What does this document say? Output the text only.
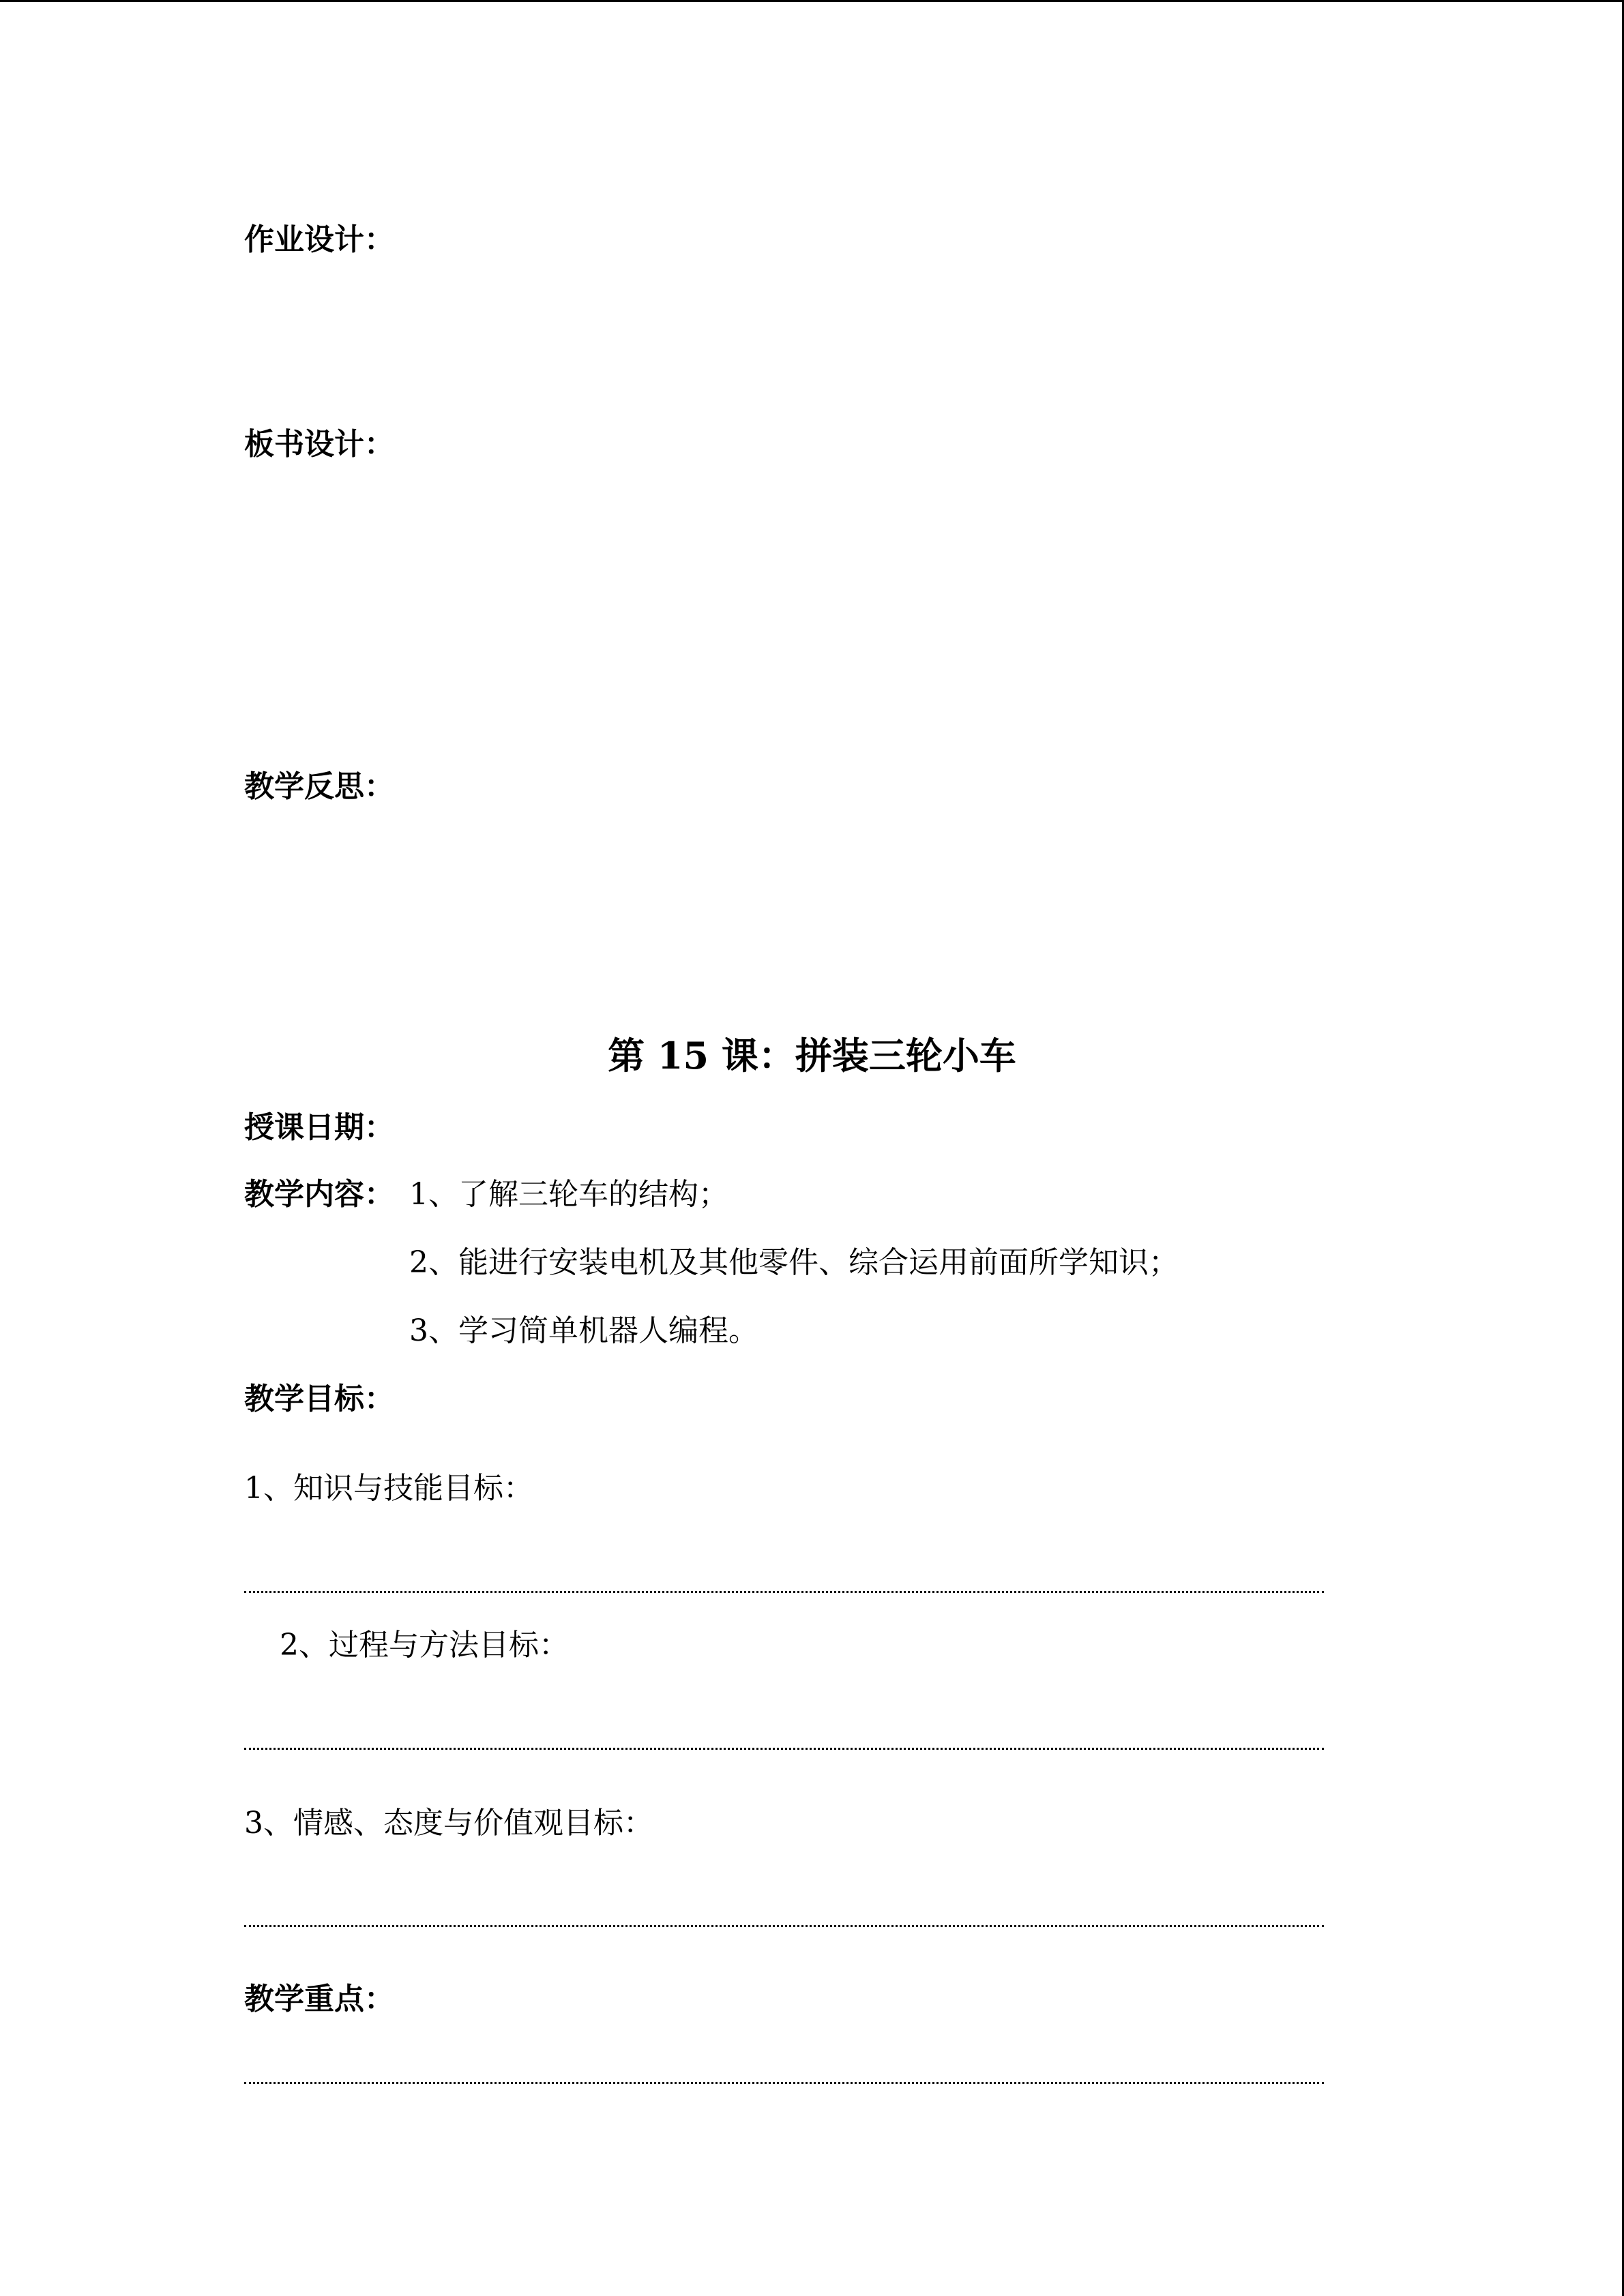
作业设计：
板书设计：
教学反思：
第 15 课：拼装三轮小车
授课日期：
教学内容： 1、了解三轮车的结构；
2、能进行安装电机及其他零件、综合运用前面所学知识；
3、学习简单机器人编程。
教学目标：
1、知识与技能目标：
2、过程与方法目标：
3、情感、态度与价值观目标：
教学重点：
